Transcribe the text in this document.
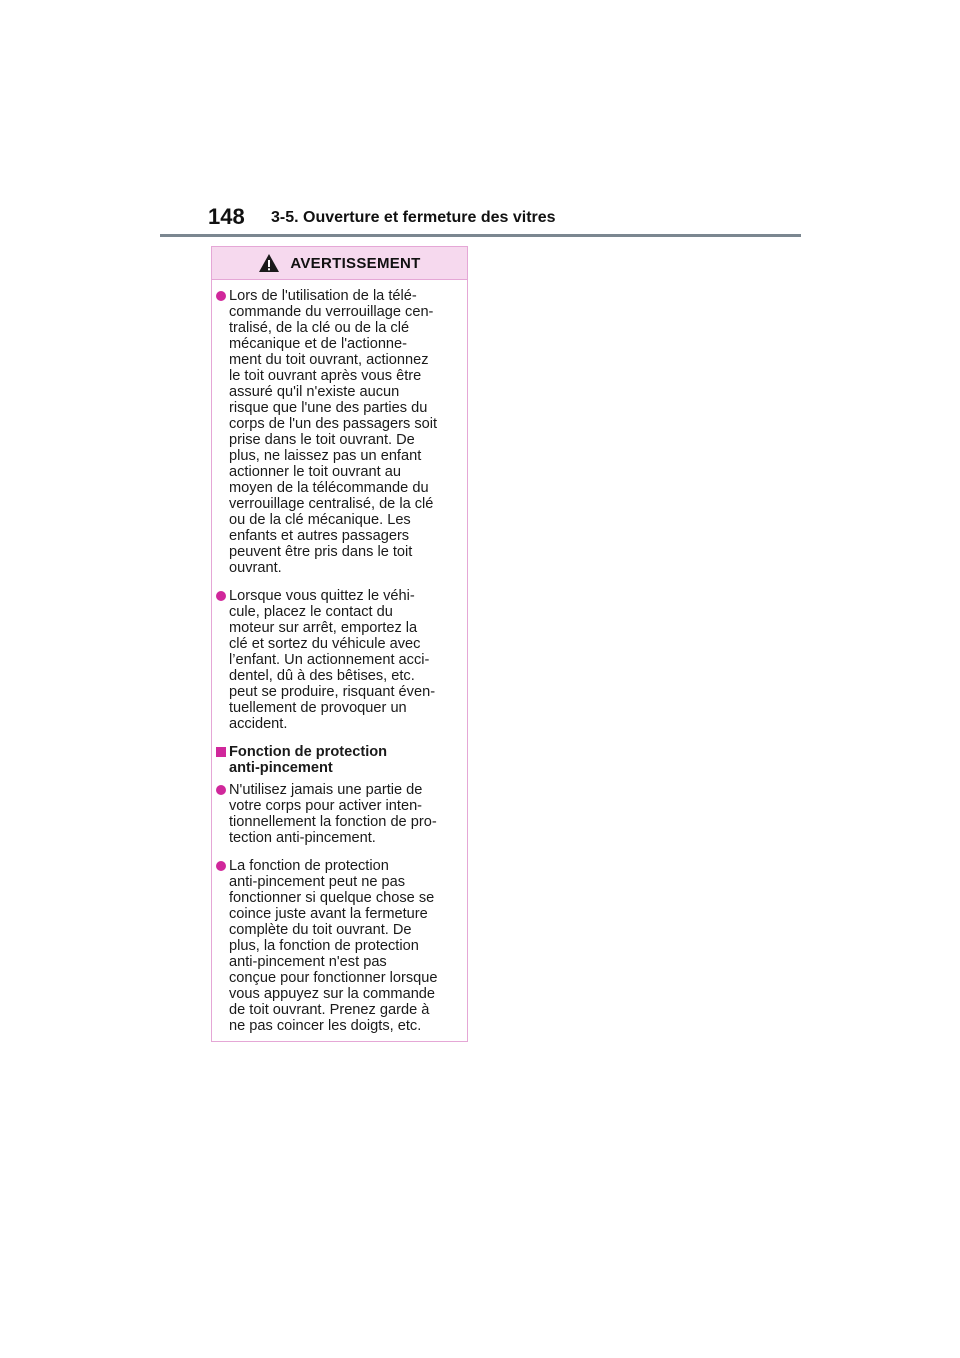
148 3-5. Ouverture et fermeture des vitres
AVERTISSEMENT
Lors de l'utilisation de la télé-
commande du verrouillage cen-
tralisé, de la clé ou de la clé
mécanique et de l'actionne-
ment du toit ouvrant, actionnez
le toit ouvrant après vous être
assuré qu'il n'existe aucun
risque que l'une des parties du
corps de l'un des passagers soit
prise dans le toit ouvrant. De
plus, ne laissez pas un enfant
actionner le toit ouvrant au
moyen de la télécommande du
verrouillage centralisé, de la clé
ou de la clé mécanique. Les
enfants et autres passagers
peuvent être pris dans le toit
ouvrant.
Lorsque vous quittez le véhi-
cule, placez le contact du
moteur sur arrêt, emportez la
clé et sortez du véhicule avec
l’enfant. Un actionnement acci-
dentel, dû à des bêtises, etc.
peut se produire, risquant éven-
tuellement de provoquer un
accident.
Fonction de protection
anti-pincement
N'utilisez jamais une partie de
votre corps pour activer inten-
tionnellement la fonction de pro-
tection anti-pincement.
La fonction de protection
anti-pincement peut ne pas
fonctionner si quelque chose se
coince juste avant la fermeture
complète du toit ouvrant. De
plus, la fonction de protection
anti-pincement n'est pas
conçue pour fonctionner lorsque
vous appuyez sur la commande
de toit ouvrant. Prenez garde à
ne pas coincer les doigts, etc.
